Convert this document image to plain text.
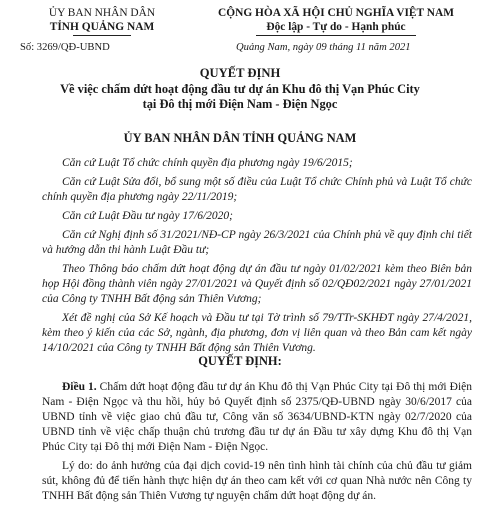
ỦY BAN NHÂN DÂN
TỈNH QUẢNG NAM
CỘNG HÒA XÃ HỘI CHỦ NGHĨA VIỆT NAM
Độc lập - Tự do - Hạnh phúc
Số: 3269/QĐ-UBND	Quảng Nam, ngày 09 tháng 11 năm 2021
QUYẾT ĐỊNH
Về việc chấm dứt hoạt động đầu tư dự án Khu đô thị Vạn Phúc City
tại Đô thị mới Điện Nam - Điện Ngọc
ỦY BAN NHÂN DÂN TỈNH QUẢNG NAM

Căn cứ Luật Tổ chức chính quyền địa phương ngày 19/6/2015;

Căn cứ Luật Sửa đổi, bổ sung một số điều của Luật Tổ chức Chính phủ và Luật Tổ chức chính quyền địa phương ngày 22/11/2019;

Căn cứ Luật Đầu tư ngày 17/6/2020;

Căn cứ Nghị định số 31/2021/NĐ-CP ngày 26/3/2021 của Chính phủ về quy định chi tiết và hướng dẫn thi hành Luật Đầu tư;

Theo Thông báo chấm dứt hoạt động dự án đầu tư ngày 01/02/2021 kèm theo Biên bản họp Hội đồng thành viên ngày 27/01/2021 và Quyết định số 02/QĐ02/2021 ngày 27/01/2021 của Công ty TNHH Bất động sản Thiên Vương;

Xét đề nghị của Sở Kế hoạch và Đầu tư tại Tờ trình số 79/TTr-SKHĐT ngày 27/4/2021, kèm theo ý kiến của các Sở, ngành, địa phương, đơn vị liên quan và theo Bản cam kết ngày 14/10/2021 của Công ty TNHH Bất động sản Thiên Vương.

QUYẾT ĐỊNH:

Điều 1. Chấm dứt hoạt động đầu tư dự án Khu đô thị Vạn Phúc City tại Đô thị mới Điện Nam - Điện Ngọc và thu hồi, hủy bỏ Quyết định số 2375/QĐ-UBND ngày 30/6/2017 của UBND tỉnh về việc giao chủ đầu tư, Công văn số 3634/UBND-KTN ngày 02/7/2020 của UBND tỉnh về việc chấp thuận chủ trương đầu tư dự án Đầu tư xây dựng Khu đô thị Vạn Phúc City tại Đô thị mới Điện Nam - Điện Ngọc.

Lý do: do ảnh hưởng của đại dịch covid-19 nên tình hình tài chính của chủ đầu tư giảm sút, không đủ để tiến hành thực hiện dự án theo cam kết với cơ quan Nhà nước nên Công ty TNHH Bất động sản Thiên Vương tự nguyện chấm dứt hoạt động dự án.
